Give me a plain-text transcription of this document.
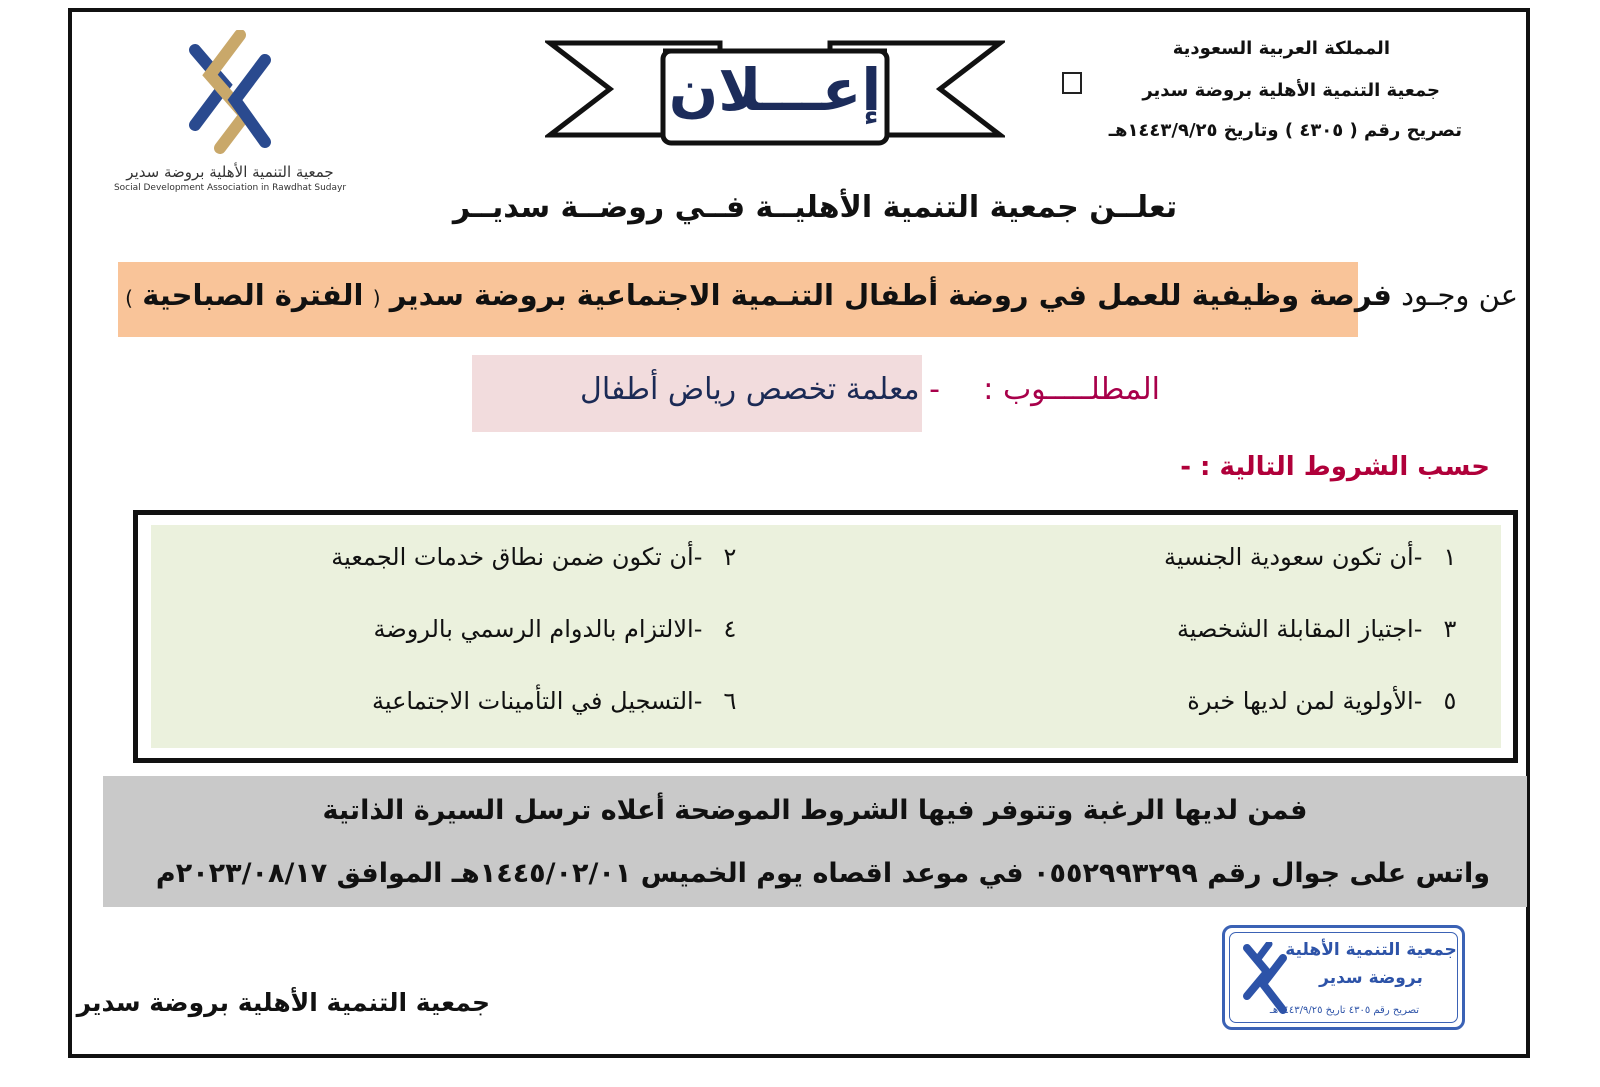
المملكة العربية السعودية
جمعية التنمية الأهلية بروضة سدير
تصريح رقم ( ٤٣٠٥ ) وتاريخ ١٤٤٣/٩/٢٥هـ
إعـــلان
جمعية التنمية الأهلية بروضة سدير
Social Development Association in Rawdhat Sudayr
تعلــن جمعية التنمية الأهليــة فــي روضــة سديــر
عن وجـود فرصة وظيفية للعمل في روضة أطفال التنـمية الاجتماعية بروضة سدير ( الفترة الصباحية )
المطلـــــوب :
- معلمة تخصص رياض أطفال
حسب الشروط التالية : -
١ -أن تكون سعودية الجنسية
٢ -أن تكون ضمن نطاق خدمات الجمعية
٣ -اجتياز المقابلة الشخصية
٤ -الالتزام بالدوام الرسمي بالروضة
٥ -الأولوية لمن لديها خبرة
٦ -التسجيل في التأمينات الاجتماعية
فمن لديها الرغبة وتتوفر فيها الشروط الموضحة أعلاه ترسل السيرة الذاتية
واتس على جوال رقم ٠٥٥٢٩٩٣٢٩٩ في موعد اقصاه يوم الخميس ١٤٤٥/٠٢/٠١هـ الموافق ٢٠٢٣/٠٨/١٧م
جمعية التنمية الأهلية
بروضة سدير
تصريح رقم ٤٣٠٥ تاريخ ١٤٤٣/٩/٢٥هـ
جمعية التنمية الأهلية بروضة سدير
